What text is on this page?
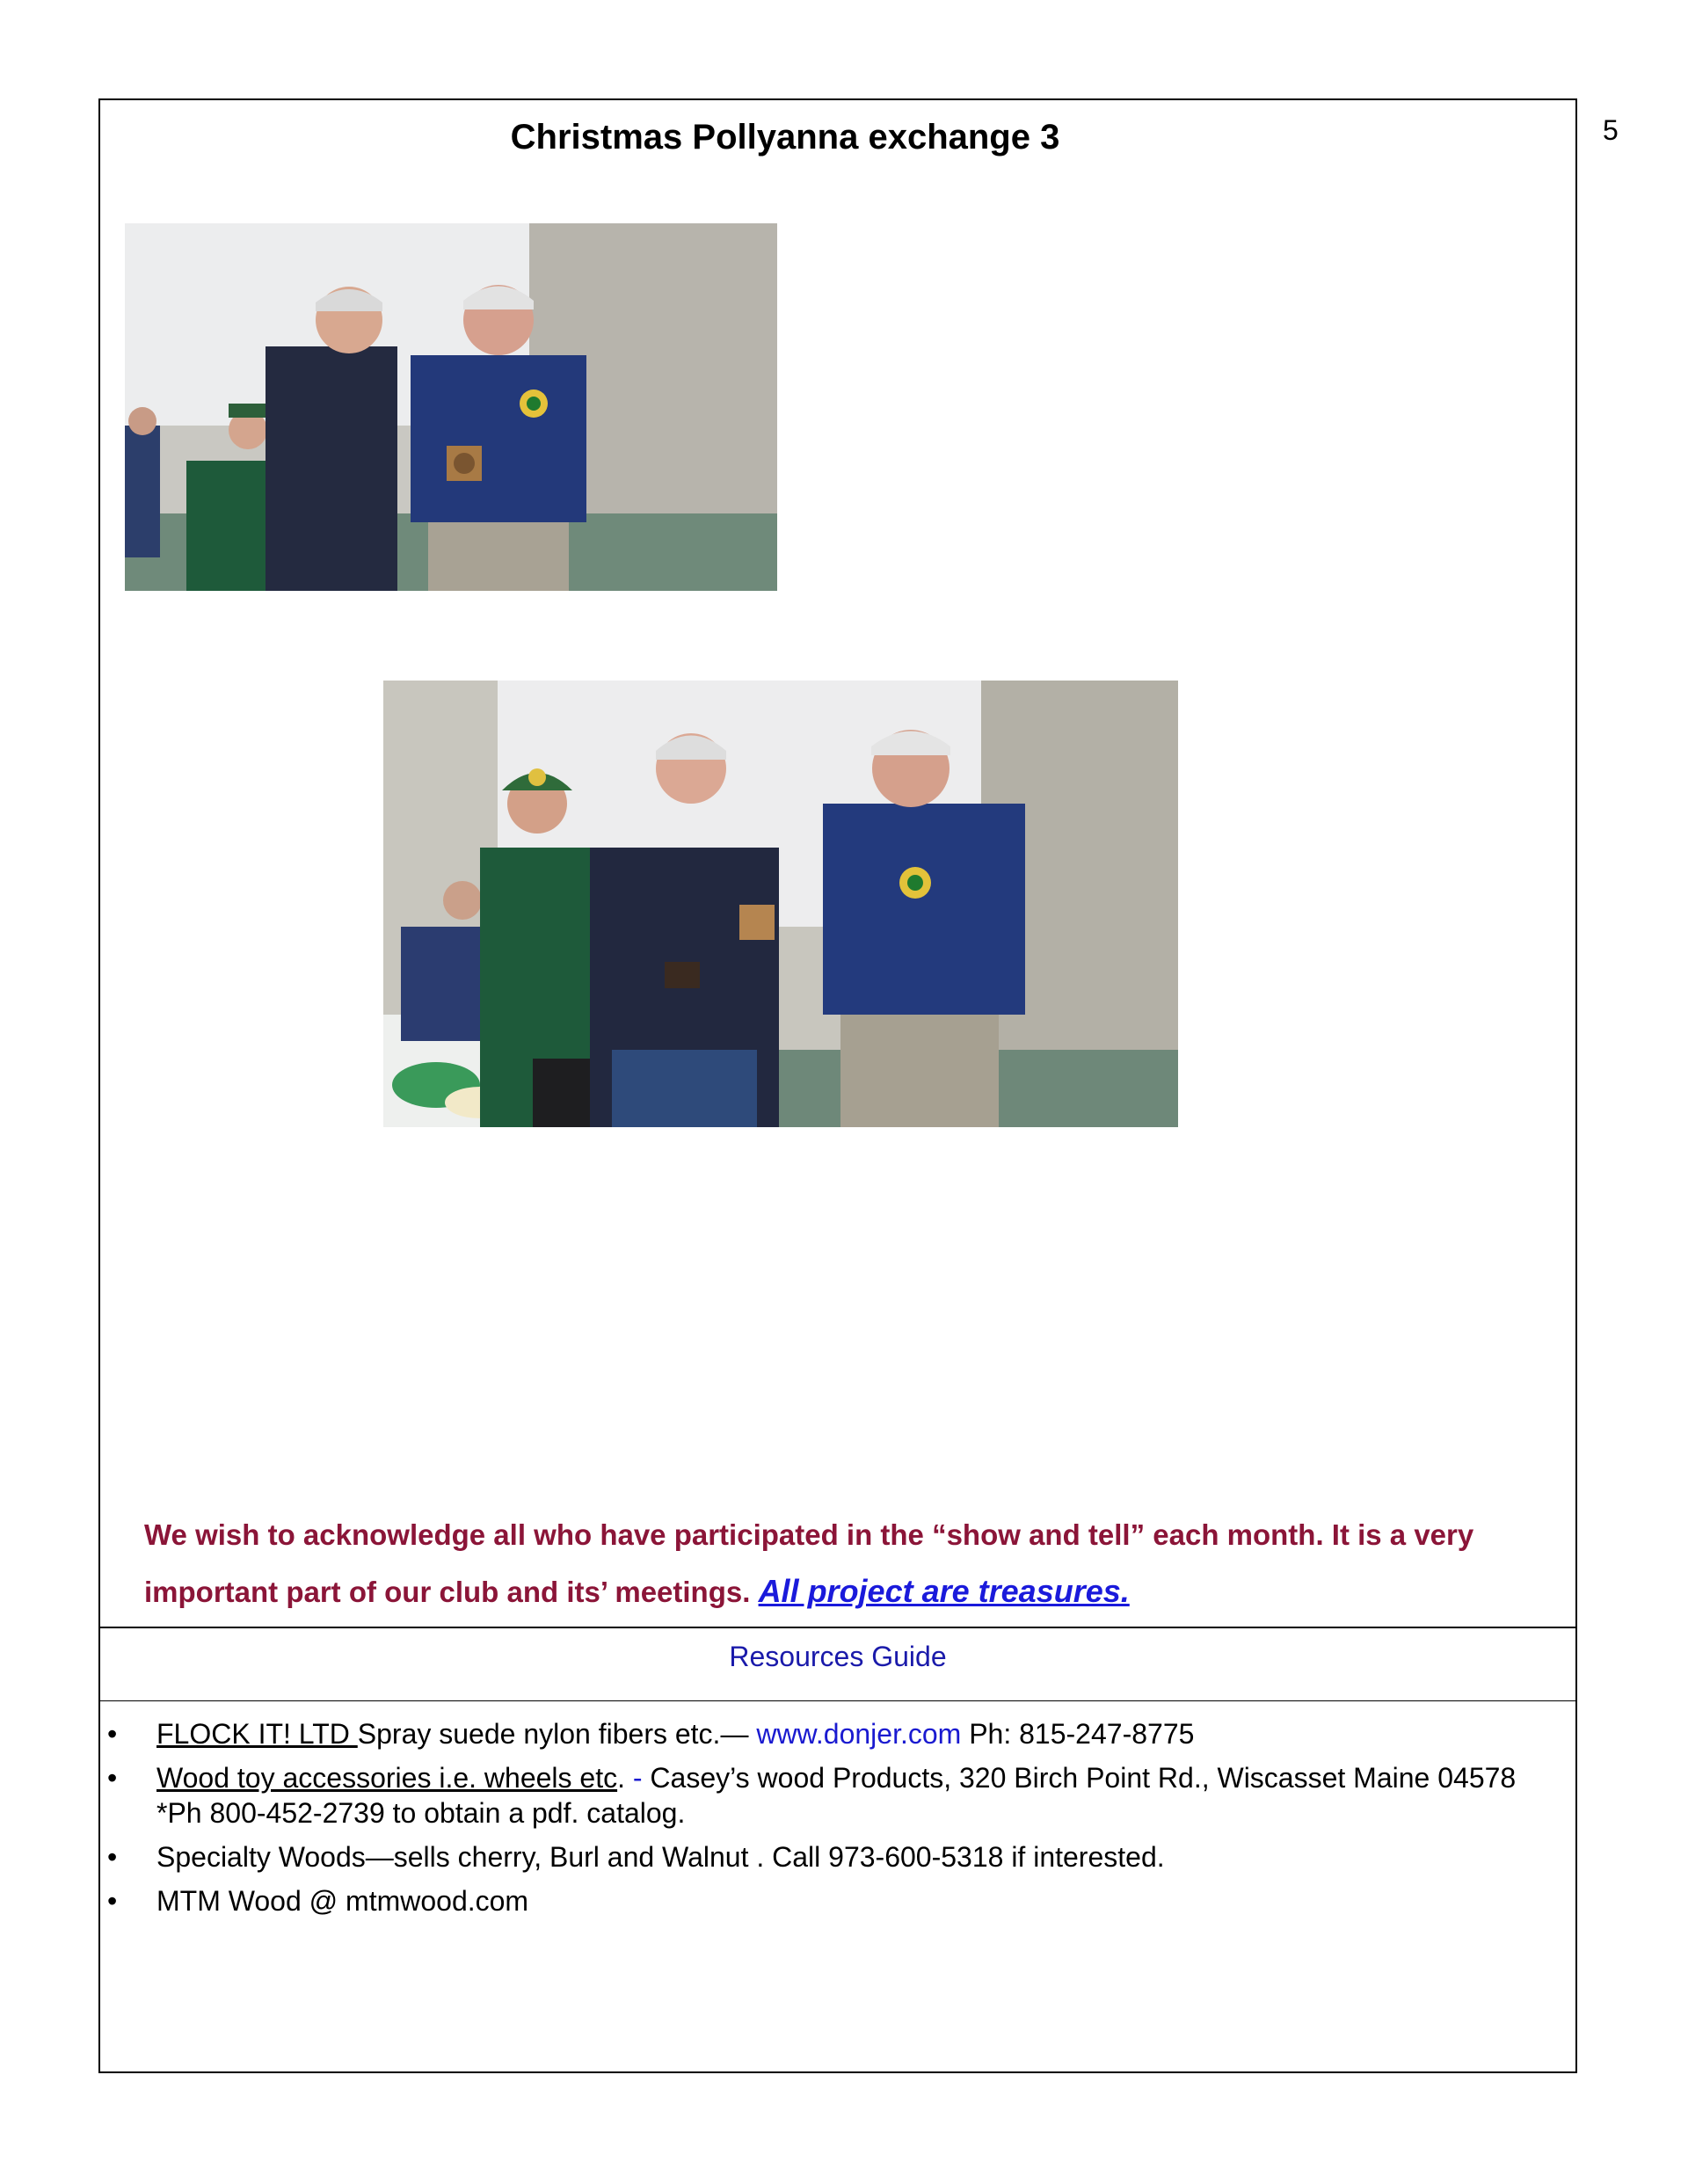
5
Christmas Pollyanna exchange 3
We wish to acknowledge all who have participated in the “show and tell” each month. It is a very important part of our club and its’ meetings. All project are treasures.
Resources Guide
• FLOCK IT! LTD Spray suede nylon fibers etc.— www.donjer.com Ph: 815-247-8775
• Wood toy accessories i.e. wheels etc. - Casey’s wood Products, 320 Birch Point Rd., Wiscasset Maine 04578 *Ph 800-452-2739 to obtain a pdf. catalog.
• Specialty Woods—sells cherry, Burl and Walnut . Call 973-600-5318 if interested.
• MTM Wood @ mtmwood.com
